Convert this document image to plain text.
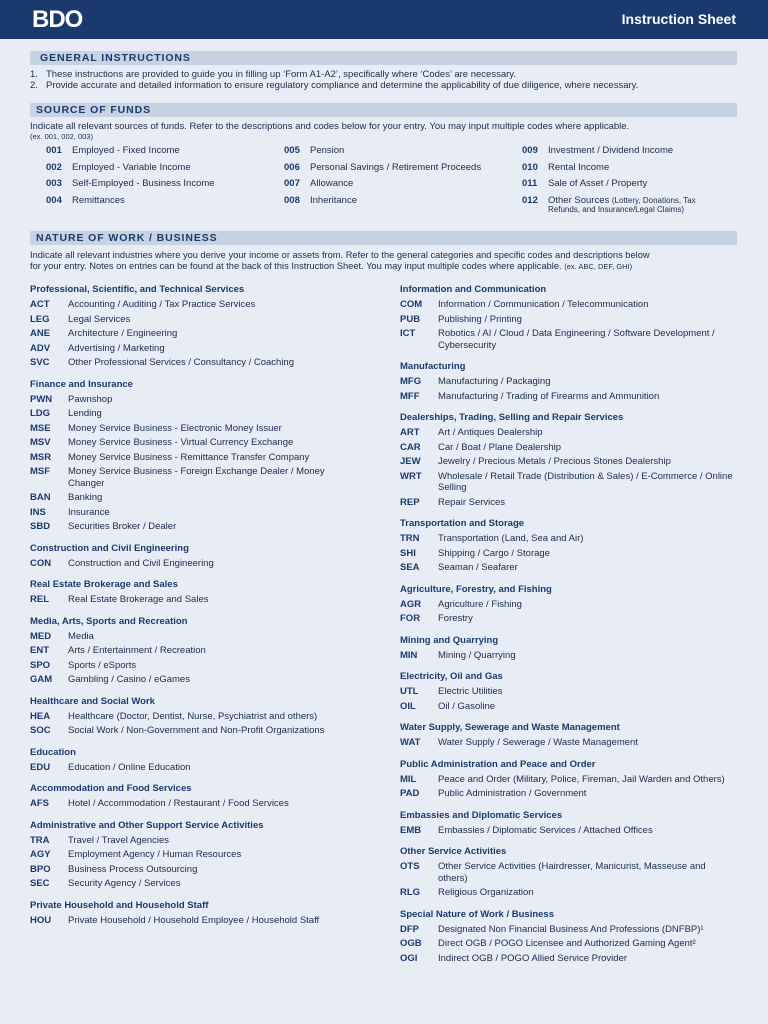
BDO	Instruction Sheet
GENERAL INSTRUCTIONS
1. These instructions are provided to guide you in filling up ‘Form A1-A2’, specifically where ‘Codes’ are necessary.
2. Provide accurate and detailed information to ensure regulatory compliance and determine the applicability of due diligence, where necessary.
SOURCE OF FUNDS
Indicate all relevant sources of funds. Refer to the descriptions and codes below for your entry. You may input multiple codes where applicable.
(ex. 001, 002, 003)
001 Employed - Fixed Income
002 Employed - Variable Income
003 Self-Employed - Business Income
004 Remittances
005 Pension
006 Personal Savings / Retirement Proceeds
007 Allowance
008 Inheritance
009 Investment / Dividend Income
010 Rental Income
011 Sale of Asset / Property
012 Other Sources (Lottery, Donations, Tax
Refunds, and Insurance/Legal Claims)
NATURE OF WORK / BUSINESS
Indicate all relevant industries where you derive your income or assets from. Refer to the general categories and specific codes and descriptions below
for your entry. Notes on entries can be found at the back of this Instruction Sheet. You may input multiple codes where applicable. (ex. ABC, DEF, GHI)
Professional, Scientific, and Technical Services
ACT	Accounting / Auditing / Tax Practice Services
LEG	Legal Services
ANE	Architecture / Engineering
ADV	Advertising / Marketing
SVC	Other Professional Services / Consultancy / Coaching
Finance and Insurance
PWN	Pawnshop
LDG	Lending
MSE	Money Service Business - Electronic Money Issuer
MSV	Money Service Business - Virtual Currency Exchange
MSR	Money Service Business - Remittance Transfer Company
MSF	Money Service Business - Foreign Exchange Dealer / Money Changer
BAN	Banking
INS	Insurance
SBD	Securities Broker / Dealer
Construction and Civil Engineering
CON	Construction and Civil Engineering
Real Estate Brokerage and Sales
REL	Real Estate Brokerage and Sales
Media, Arts, Sports and Recreation
MED	Media
ENT	Arts / Entertainment / Recreation
SPO	Sports / eSports
GAM	Gambling / Casino / eGames
Healthcare and Social Work
HEA	Healthcare (Doctor, Dentist, Nurse, Psychiatrist and others)
SOC	Social Work / Non-Government and Non-Profit Organizations
Education
EDU	Education / Online Education
Accommodation and Food Services
AFS	Hotel / Accommodation / Restaurant / Food Services
Administrative and Other Support Service Activities
TRA	Travel / Travel Agencies
AGY	Employment Agency / Human Resources
BPO	Business Process Outsourcing
SEC	Security Agency / Services
Private Household and Household Staff
HOU	Private Household / Household Employee / Household Staff
Information and Communication
COM	Information / Communication / Telecommunication
PUB	Publishing / Printing
ICT	Robotics / AI / Cloud / Data Engineering / Software Development / Cybersecurity
Manufacturing
MFG	Manufacturing / Packaging
MFF	Manufacturing / Trading of Firearms and Ammunition
Dealerships, Trading, Selling and Repair Services
ART	Art / Antiques Dealership
CAR	Car / Boat / Plane Dealership
JEW	Jewelry / Precious Metals / Precious Stones Dealership
WRT	Wholesale / Retail Trade (Distribution & Sales) / E-Commerce / Online Selling
REP	Repair Services
Transportation and Storage
TRN	Transportation (Land, Sea and Air)
SHI	Shipping / Cargo / Storage
SEA	Seaman / Seafarer
Agriculture, Forestry, and Fishing
AGR	Agriculture / Fishing
FOR	Forestry
Mining and Quarrying
MIN	Mining / Quarrying
Electricity, Oil and Gas
UTL	Electric Utilities
OIL	Oil / Gasoline
Water Supply, Sewerage and Waste Management
WAT	Water Supply / Sewerage / Waste Management
Public Administration and Peace and Order
MIL	Peace and Order (Military, Police, Fireman, Jail Warden and Others)
PAD	Public Administration / Government
Embassies and Diplomatic Services
EMB	Embassies / Diplomatic Services / Attached Offices
Other Service Activities
OTS	Other Service Activities (Hairdresser, Manicurist, Masseuse and others)
RLG	Religious Organization
Special Nature of Work / Business
DFP	Designated Non Financial Business And Professions (DNFBP)¹
OGB	Direct OGB / POGO Licensee and Authorized Gaming Agent²
OGI	Indirect OGB / POGO Allied Service Provider
